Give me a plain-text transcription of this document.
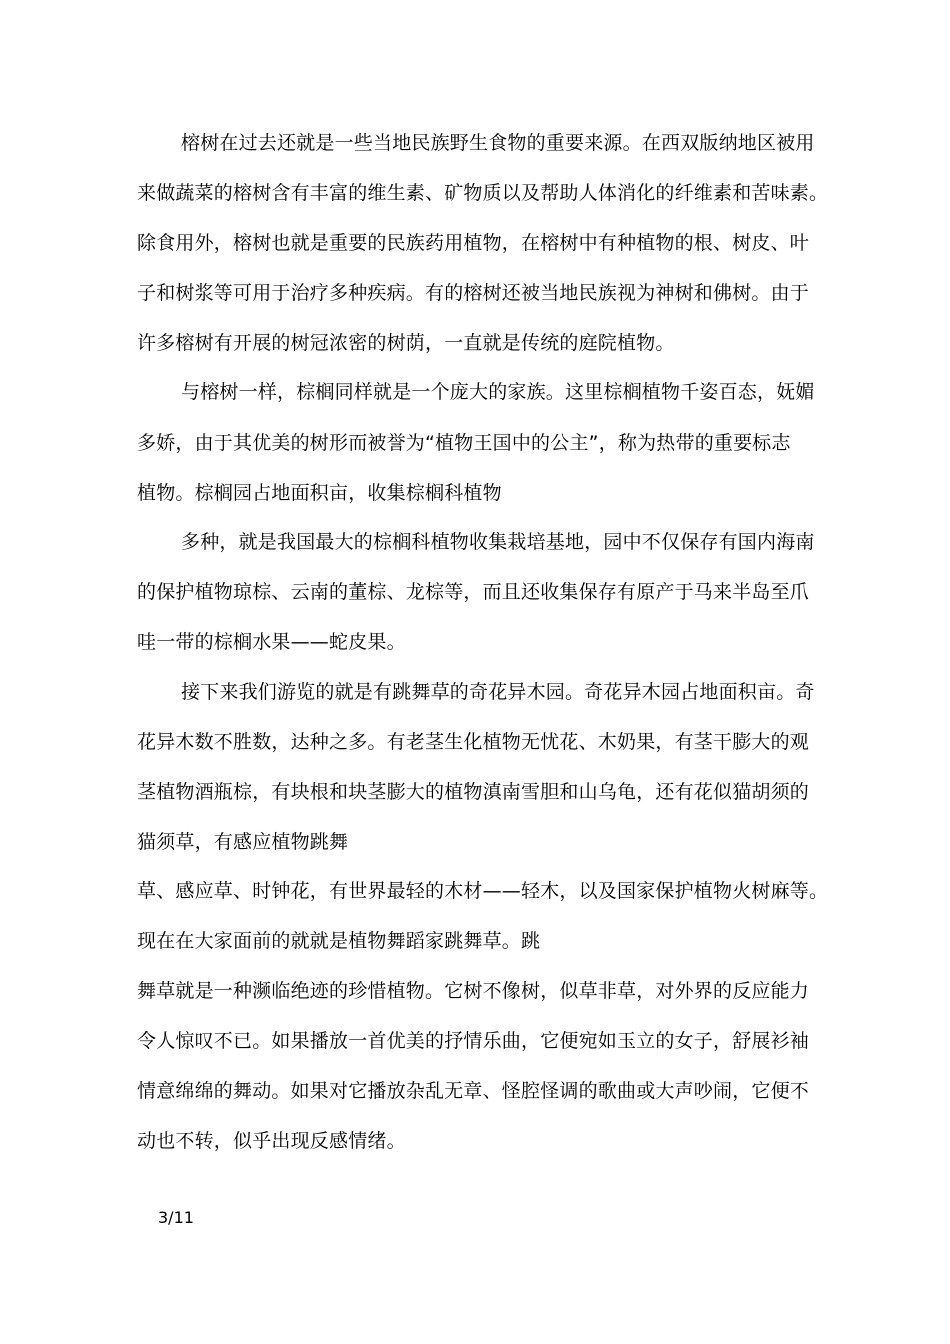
榕树在过去还就是一些当地民族野生食物的重要来源。在西双版纳地区被用
来做蔬菜的榕树含有丰富的维生素、矿物质以及帮助人体消化的纤维素和苦味素。
除食用外，榕树也就是重要的民族药用植物，在榕树中有种植物的根、树皮、叶
子和树浆等可用于治疗多种疾病。有的榕树还被当地民族视为神树和佛树。由于
许多榕树有开展的树冠浓密的树荫，一直就是传统的庭院植物。
与榕树一样，棕榈同样就是一个庞大的家族。这里棕榈植物千姿百态，妩媚
多娇，由于其优美的树形而被誉为“植物王国中的公主”，称为热带的重要标志
植物。棕榈园占地面积亩，收集棕榈科植物
多种，就是我国最大的棕榈科植物收集栽培基地，园中不仅保存有国内海南
的保护植物琼棕、云南的董棕、龙棕等，而且还收集保存有原产于马来半岛至爪
哇一带的棕榈水果——蛇皮果。
接下来我们游览的就是有跳舞草的奇花异木园。奇花异木园占地面积亩。奇
花异木数不胜数，达种之多。有老茎生化植物无忧花、木奶果，有茎干膨大的观
茎植物酒瓶棕，有块根和块茎膨大的植物滇南雪胆和山乌龟，还有花似猫胡须的
猫须草，有感应植物跳舞
草、感应草、时钟花，有世界最轻的木材——轻木，以及国家保护植物火树麻等。
现在在大家面前的就就是植物舞蹈家跳舞草。跳
舞草就是一种濒临绝迹的珍惜植物。它树不像树，似草非草，对外界的反应能力
令人惊叹不已。如果播放一首优美的抒情乐曲，它便宛如玉立的女子，舒展衫袖
情意绵绵的舞动。如果对它播放杂乱无章、怪腔怪调的歌曲或大声吵闹，它便不
动也不转，似乎出现反感情绪。
3/11
